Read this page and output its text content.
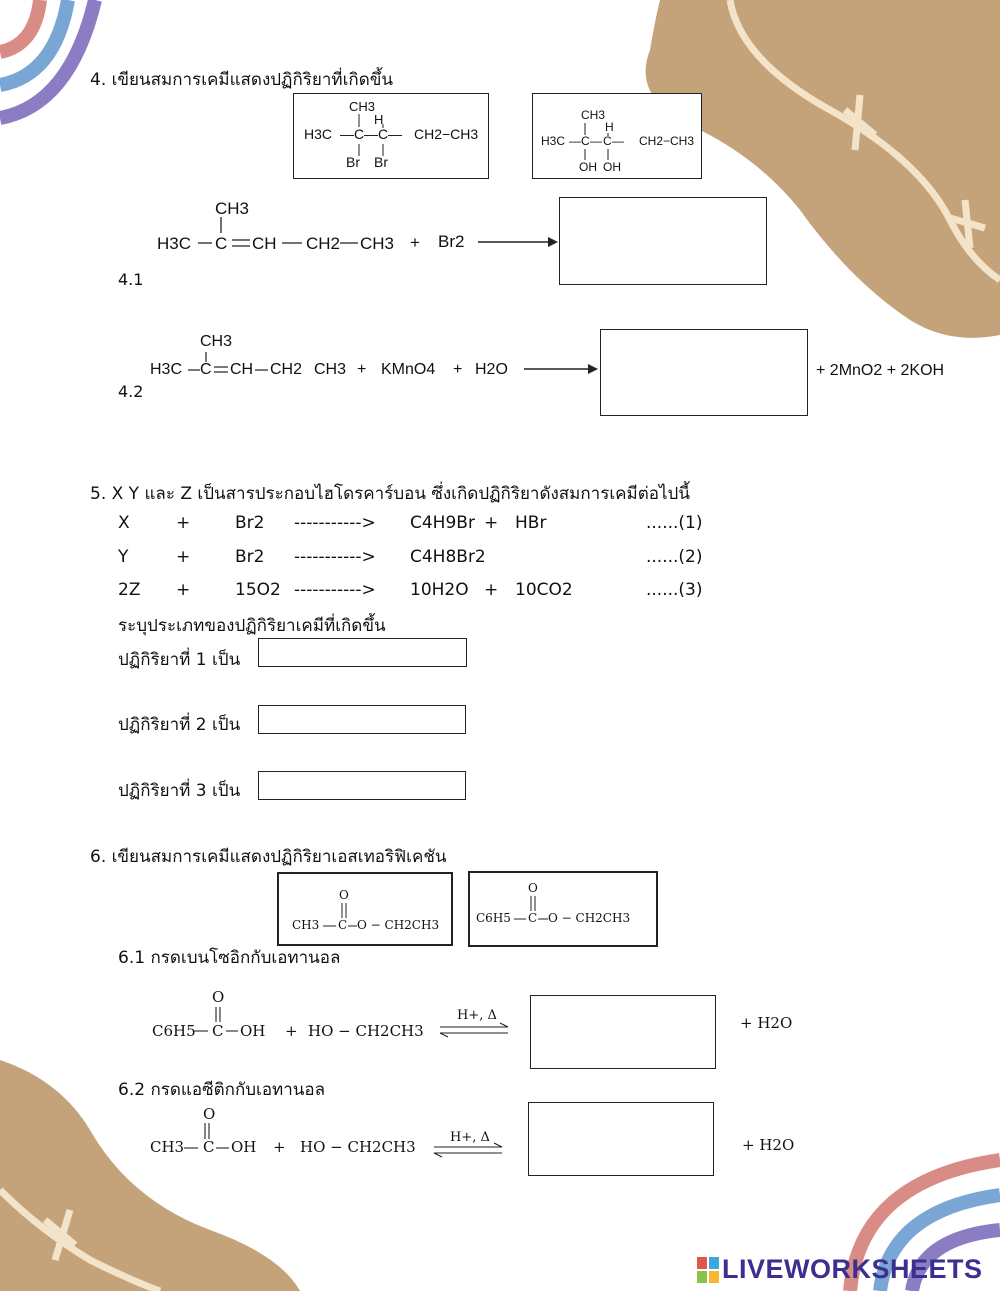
4. เขียนสมการเคมีแสดงปฏิกิริยาที่เกิดขึ้น
CH3
H
H3C — C — C — CH2−CH3
Br Br
CH3
H
H3C — C — C — CH2−CH3
OH OH
CH3
H3C C CH CH2 CH3 + Br2
4.1
CH3
H3C C CH CH2 CH3 + KMnO4 + H2O
4.2
+ 2MnO2 + 2KOH
5. X Y และ Z เป็นสารประกอบไฮโดรคาร์บอน ซึ่งเกิดปฏิกิริยาดังสมการเคมีต่อไปนี้
X	+	Br2 -----------> C4H9Br + HBr	......(1)
Y	+	Br2 -----------> C4H8Br2	......(2)
2Z +	15O2 -----------> 10H2O + 10CO2	......(3)
ระบุประเภทของปฏิกิริยาเคมีที่เกิดขึ้น
ปฏิกิริยาที่ 1 เป็น
ปฏิกิริยาที่ 2 เป็น
ปฏิกิริยาที่ 3 เป็น
6. เขียนสมการเคมีแสดงปฏิกิริยาเอสเทอริฟิเคชัน
O
CH3 C O − CH2CH3
O
C6H5 C O − CH2CH3
6.1 กรดเบนโซอิกกับเอทานอล
O
C6H5 C OH + HO − CH2CH3
H+, Δ	+ H2O
6.2 กรดแอซีติกกับเอทานอล
O
CH3 C OH + HO − CH2CH3
H+, Δ	+ H2O
LIVEWORKSHEETS
